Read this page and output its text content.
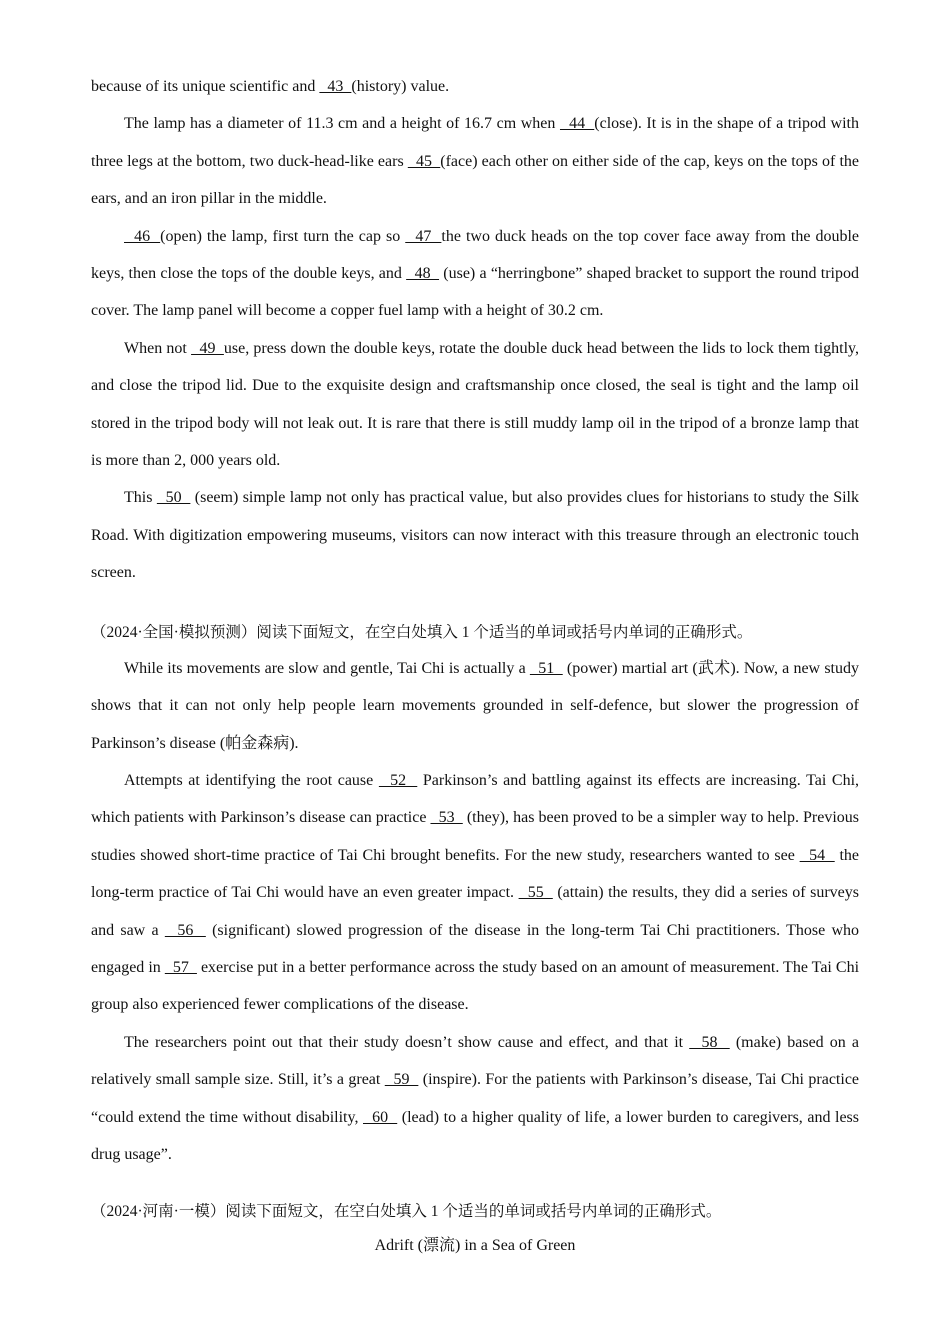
because of its unique scientific and   43  (history) value.

The lamp has a diameter of 11.3 cm and a height of 16.7 cm when   44  (close). It is in the shape of a tripod with three legs at the bottom, two duck-head-like ears   45  (face) each other on either side of the cap, keys on the tops of the ears, and an iron pillar in the middle.

46  (open) the lamp, first turn the cap so   47  the two duck heads on the top cover face away from the double keys, then close the tops of the double keys, and   48   (use) a “herringbone” shaped bracket to support the round tripod cover. The lamp panel will become a copper fuel lamp with a height of 30.2 cm.

When not   49  use, press down the double keys, rotate the double duck head between the lids to lock them tightly, and close the tripod lid. Due to the exquisite design and craftsmanship once closed, the seal is tight and the lamp oil stored in the tripod body will not leak out. It is rare that there is still muddy lamp oil in the tripod of a bronze lamp that is more than 2, 000 years old.

This   50   (seem) simple lamp not only has practical value, but also provides clues for historians to study the Silk Road. With digitization empowering museums, visitors can now interact with this treasure through an electronic touch screen.

（2024·全国·模拟预测）阅读下面短文，在空白处填入 1 个适当的单词或括号内单词的正确形式。

While its movements are slow and gentle, Tai Chi is actually a   51   (power) martial art (武术). Now, a new study shows that it can not only help people learn movements grounded in self-defence, but slower the progression of Parkinson’s disease (帕金森病).

Attempts at identifying the root cause   52   Parkinson’s and battling against its effects are increasing. Tai Chi, which patients with Parkinson’s disease can practice   53   (they), has been proved to be a simpler way to help. Previous studies showed short-time practice of Tai Chi brought benefits. For the new study, researchers wanted to see   54   the long-term practice of Tai Chi would have an even greater impact.   55   (attain) the results, they did a series of surveys and saw a   56   (significant) slowed progression of the disease in the long-term Tai Chi practitioners. Those who engaged in   57   exercise put in a better performance across the study based on an amount of measurement. The Tai Chi group also experienced fewer complications of the disease.

The researchers point out that their study doesn’t show cause and effect, and that it   58   (make) based on a relatively small sample size. Still, it’s a great   59   (inspire). For the patients with Parkinson’s disease, Tai Chi practice “could extend the time without disability,   60   (lead) to a higher quality of life, a lower burden to caregivers, and less drug usage”.

（2024·河南·一模）阅读下面短文，在空白处填入 1 个适当的单词或括号内单词的正确形式。

Adrift (漂流) in a Sea of Green
